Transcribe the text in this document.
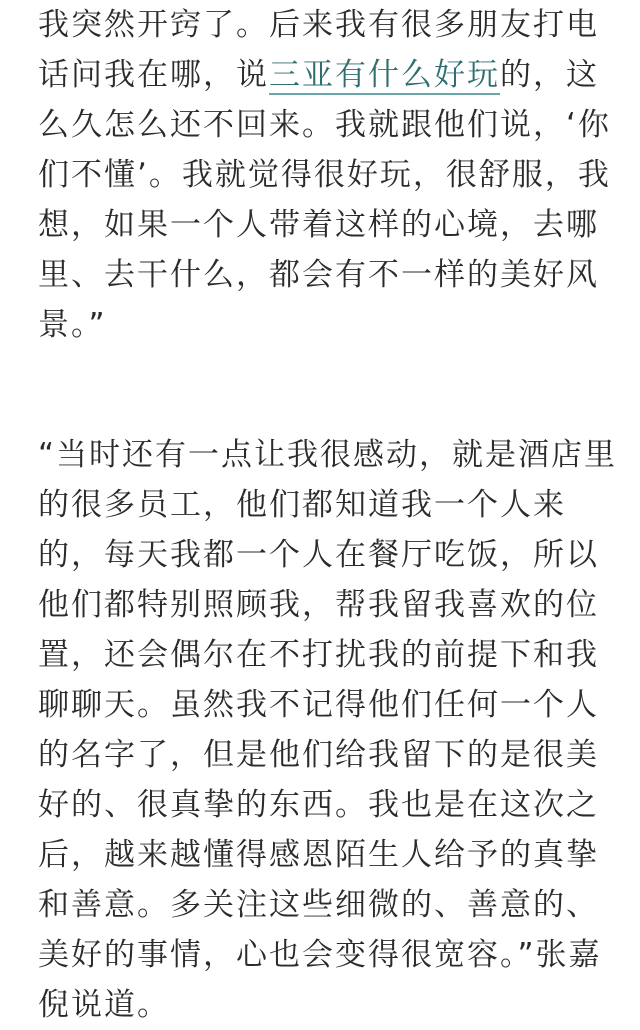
我突然开窍了。后来我有很多朋友打电
话问我在哪，说三亚有什么好玩的，这
么久怎么还不回来。我就跟他们说，‘你
们不懂’。我就觉得很好玩，很舒服，我
想，如果一个人带着这样的心境，去哪
里、去干什么，都会有不一样的美好风
景。”
“当时还有一点让我很感动，就是酒店里
的很多员工，他们都知道我一个人来
的，每天我都一个人在餐厅吃饭，所以
他们都特别照顾我，帮我留我喜欢的位
置，还会偶尔在不打扰我的前提下和我
聊聊天。虽然我不记得他们任何一个人
的名字了，但是他们给我留下的是很美
好的、很真挚的东西。我也是在这次之
后，越来越懂得感恩陌生人给予的真挚
和善意。多关注这些细微的、善意的、
美好的事情，心也会变得很宽容。”张嘉
倪说道。
